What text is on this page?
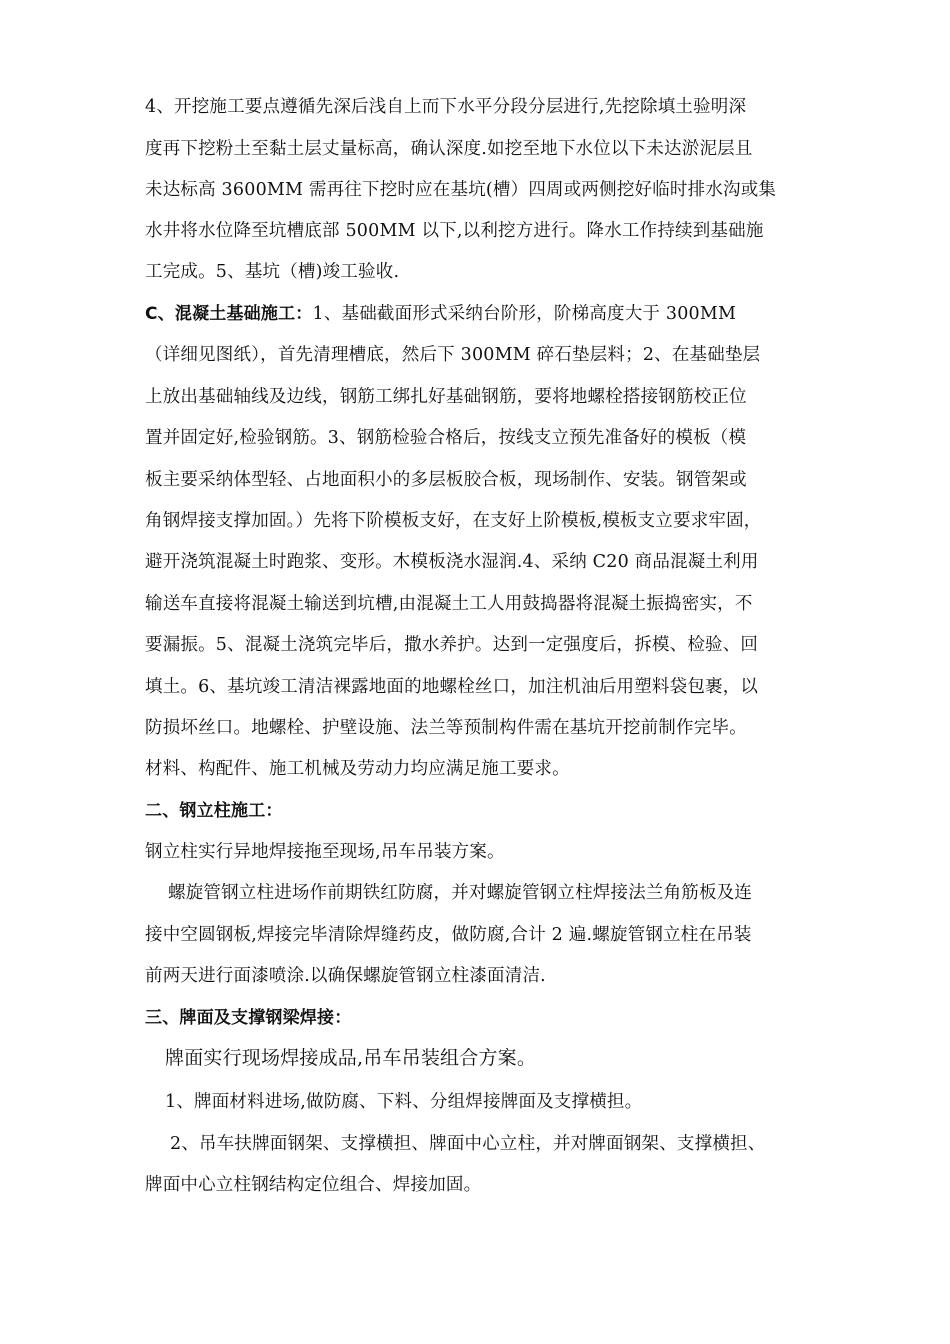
4、开挖施工要点遵循先深后浅自上而下水平分段分层进行,先挖除填土验明深
度再下挖粉土至黏土层丈量标高，确认深度.如挖至地下水位以下未达淤泥层且
未达标高 3600MM 需再往下挖时应在基坑(槽）四周或两侧挖好临时排水沟或集
水井将水位降至坑槽底部 500MM 以下,以利挖方进行。降水工作持续到基础施
工完成。5、基坑（槽)竣工验收.
C、混凝土基础施工：1、基础截面形式采纳台阶形，阶梯高度大于 300MM
（详细见图纸），首先清理槽底，然后下 300MM 碎石垫层料；2、在基础垫层
上放出基础轴线及边线，钢筋工绑扎好基础钢筋，要将地螺栓搭接钢筋校正位
置并固定好,检验钢筋。3、钢筋检验合格后，按线支立预先准备好的模板（模
板主要采纳体型轻、占地面积小的多层板胶合板，现场制作、安装。钢管架或
角钢焊接支撑加固。）先将下阶模板支好，在支好上阶模板,模板支立要求牢固，
避开浇筑混凝土时跑浆、变形。木模板浇水湿润.4、采纳 C20 商品混凝土利用
输送车直接将混凝土输送到坑槽,由混凝土工人用鼓捣器将混凝土振捣密实，不
要漏振。5、混凝土浇筑完毕后，撒水养护。达到一定强度后，拆模、检验、回
填土。6、基坑竣工清洁裸露地面的地螺栓丝口，加注机油后用塑料袋包裹，以
防损坏丝口。地螺栓、护壁设施、法兰等预制构件需在基坑开挖前制作完毕。
材料、构配件、施工机械及劳动力均应满足施工要求。
二、钢立柱施工：
钢立柱实行异地焊接拖至现场,吊车吊装方案。
螺旋管钢立柱进场作前期铁红防腐，并对螺旋管钢立柱焊接法兰角筋板及连
接中空圆钢板,焊接完毕清除焊缝药皮，做防腐,合计 2 遍.螺旋管钢立柱在吊装
前两天进行面漆喷涂.以确保螺旋管钢立柱漆面清洁.
三、牌面及支撑钢梁焊接：
牌面实行现场焊接成品,吊车吊装组合方案。
1、牌面材料进场,做防腐、下料、分组焊接牌面及支撑横担。
2、吊车扶牌面钢架、支撑横担、牌面中心立柱，并对牌面钢架、支撑横担、
牌面中心立柱钢结构定位组合、焊接加固。
